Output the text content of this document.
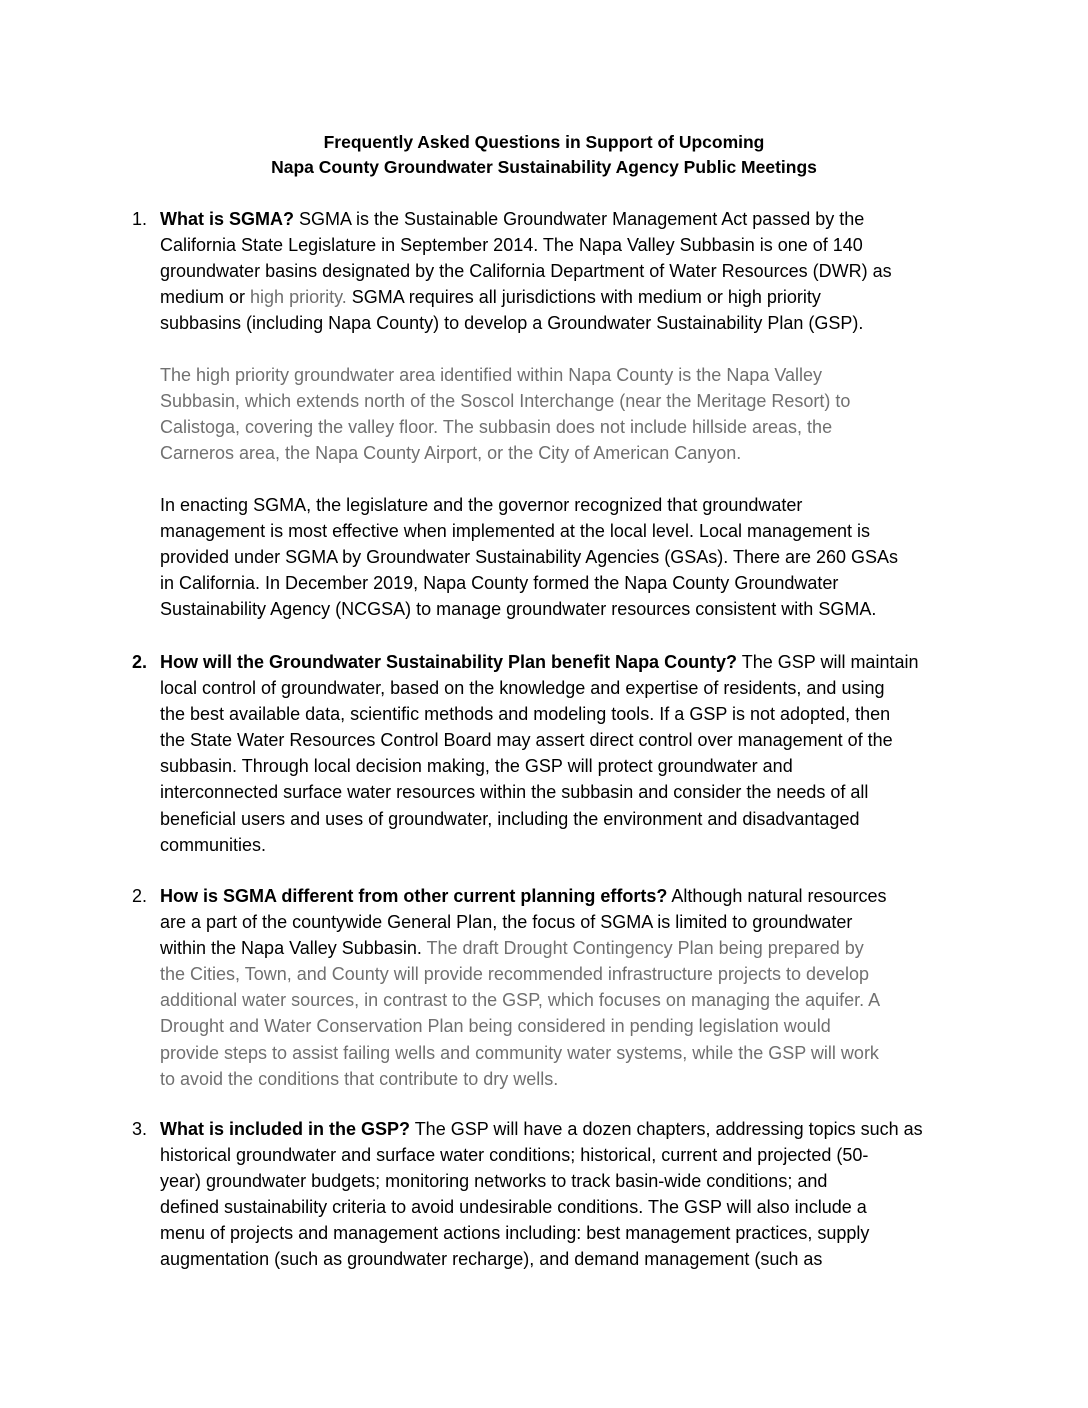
Frequently Asked Questions in Support of Upcoming
Napa County Groundwater Sustainability Agency Public Meetings
1. What is SGMA? SGMA is the Sustainable Groundwater Management Act passed by the
California State Legislature in September 2014. The Napa Valley Subbasin is one of 140
groundwater basins designated by the California Department of Water Resources (DWR) as
medium or high priority. SGMA requires all jurisdictions with medium or high priority
subbasins (including Napa County) to develop a Groundwater Sustainability Plan (GSP).
The high priority groundwater area identified within Napa County is the Napa Valley
Subbasin, which extends north of the Soscol Interchange (near the Meritage Resort) to
Calistoga, covering the valley floor. The subbasin does not include hillside areas, the
Carneros area, the Napa County Airport, or the City of American Canyon.
In enacting SGMA, the legislature and the governor recognized that groundwater
management is most effective when implemented at the local level. Local management is
provided under SGMA by Groundwater Sustainability Agencies (GSAs). There are 260 GSAs
in California. In December 2019, Napa County formed the Napa County Groundwater
Sustainability Agency (NCGSA) to manage groundwater resources consistent with SGMA.
2. How will the Groundwater Sustainability Plan benefit Napa County? The GSP will maintain
local control of groundwater, based on the knowledge and expertise of residents, and using
the best available data, scientific methods and modeling tools. If a GSP is not adopted, then
the State Water Resources Control Board may assert direct control over management of the
subbasin. Through local decision making, the GSP will protect groundwater and
interconnected surface water resources within the subbasin and consider the needs of all
beneficial users and uses of groundwater, including the environment and disadvantaged
communities.
2. How is SGMA different from other current planning efforts? Although natural resources
are a part of the countywide General Plan, the focus of SGMA is limited to groundwater
within the Napa Valley Subbasin. The draft Drought Contingency Plan being prepared by
the Cities, Town, and County will provide recommended infrastructure projects to develop
additional water sources, in contrast to the GSP, which focuses on managing the aquifer. A
Drought and Water Conservation Plan being considered in pending legislation would
provide steps to assist failing wells and community water systems, while the GSP will work
to avoid the conditions that contribute to dry wells.
3. What is included in the GSP? The GSP will have a dozen chapters, addressing topics such as
historical groundwater and surface water conditions; historical, current and projected (50-
year) groundwater budgets; monitoring networks to track basin-wide conditions; and
defined sustainability criteria to avoid undesirable conditions. The GSP will also include a
menu of projects and management actions including: best management practices, supply
augmentation (such as groundwater recharge), and demand management (such as
